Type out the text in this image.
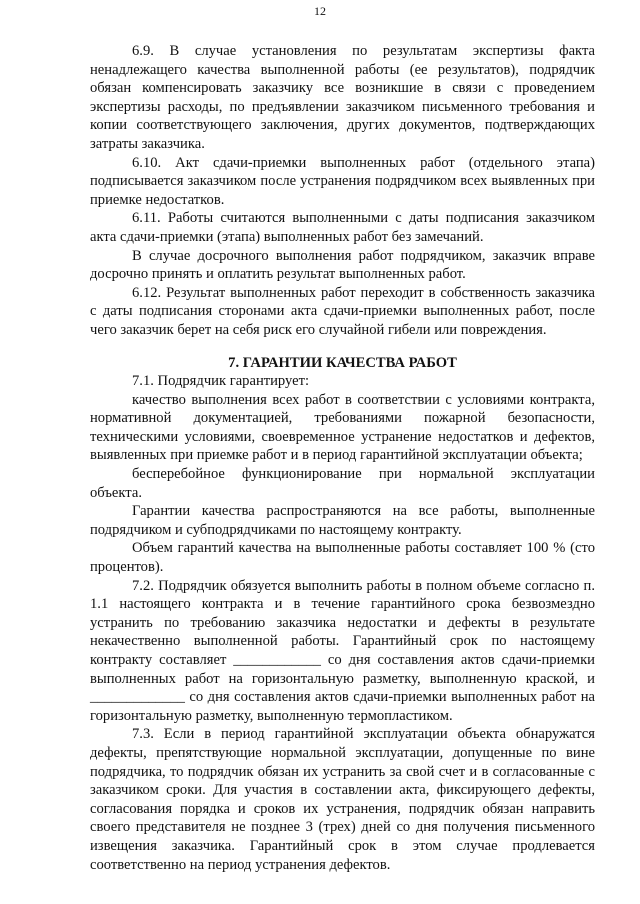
12

6.9. В случае установления по результатам экспертизы факта ненадлежащего качества выполненной работы (ее результатов), подрядчик обязан компенсировать заказчику все возникшие в связи с проведением экспертизы расходы, по предъявлении заказчиком письменного требования и копии соответствующего заключения, других документов, подтверждающих затраты заказчика.

6.10. Акт сдачи-приемки выполненных работ (отдельного этапа) подписывается заказчиком после устранения подрядчиком всех выявленных при приемке недостатков.

6.11. Работы считаются выполненными с даты подписания заказчиком акта сдачи-приемки (этапа) выполненных работ без замечаний.

В случае досрочного выполнения работ подрядчиком, заказчик вправе досрочно принять и оплатить результат выполненных работ.

6.12. Результат выполненных работ переходит в собственность заказчика с даты подписания сторонами акта сдачи-приемки выполненных работ, после чего заказчик берет на себя риск его случайной гибели или повреждения.

7. ГАРАНТИИ КАЧЕСТВА РАБОТ

7.1. Подрядчик гарантирует:

качество выполнения всех работ в соответствии с условиями контракта, нормативной документацией, требованиями пожарной безопасности, техническими условиями, своевременное устранение недостатков и дефектов, выявленных при приемке работ и в период гарантийной эксплуатации объекта;

бесперебойное функционирование при нормальной эксплуатации объекта.

Гарантии качества распространяются на все работы, выполненные подрядчиком и субподрядчиками по настоящему контракту.

Объем гарантий качества на выполненные работы составляет 100 % (сто процентов).

7.2. Подрядчик обязуется выполнить работы в полном объеме согласно п. 1.1 настоящего контракта и в течение гарантийного срока безвозмездно устранить по требованию заказчика недостатки и дефекты в результате некачественно выполненной работы. Гарантийный срок по настоящему контракту составляет ____________ со дня составления актов сдачи-приемки выполненных работ на горизонтальную разметку, выполненную краской, и _____________ со дня составления актов сдачи-приемки выполненных работ на горизонтальную разметку, выполненную термопластиком.

7.3. Если в период гарантийной эксплуатации объекта обнаружатся дефекты, препятствующие нормальной эксплуатации, допущенные по вине подрядчика, то подрядчик обязан их устранить за свой счет и в согласованные с заказчиком сроки. Для участия в составлении акта, фиксирующего дефекты, согласования порядка и сроков их устранения, подрядчик обязан направить своего представителя не позднее 3 (трех) дней со дня получения письменного извещения заказчика. Гарантийный срок в этом случае продлевается соответственно на период устранения дефектов.
